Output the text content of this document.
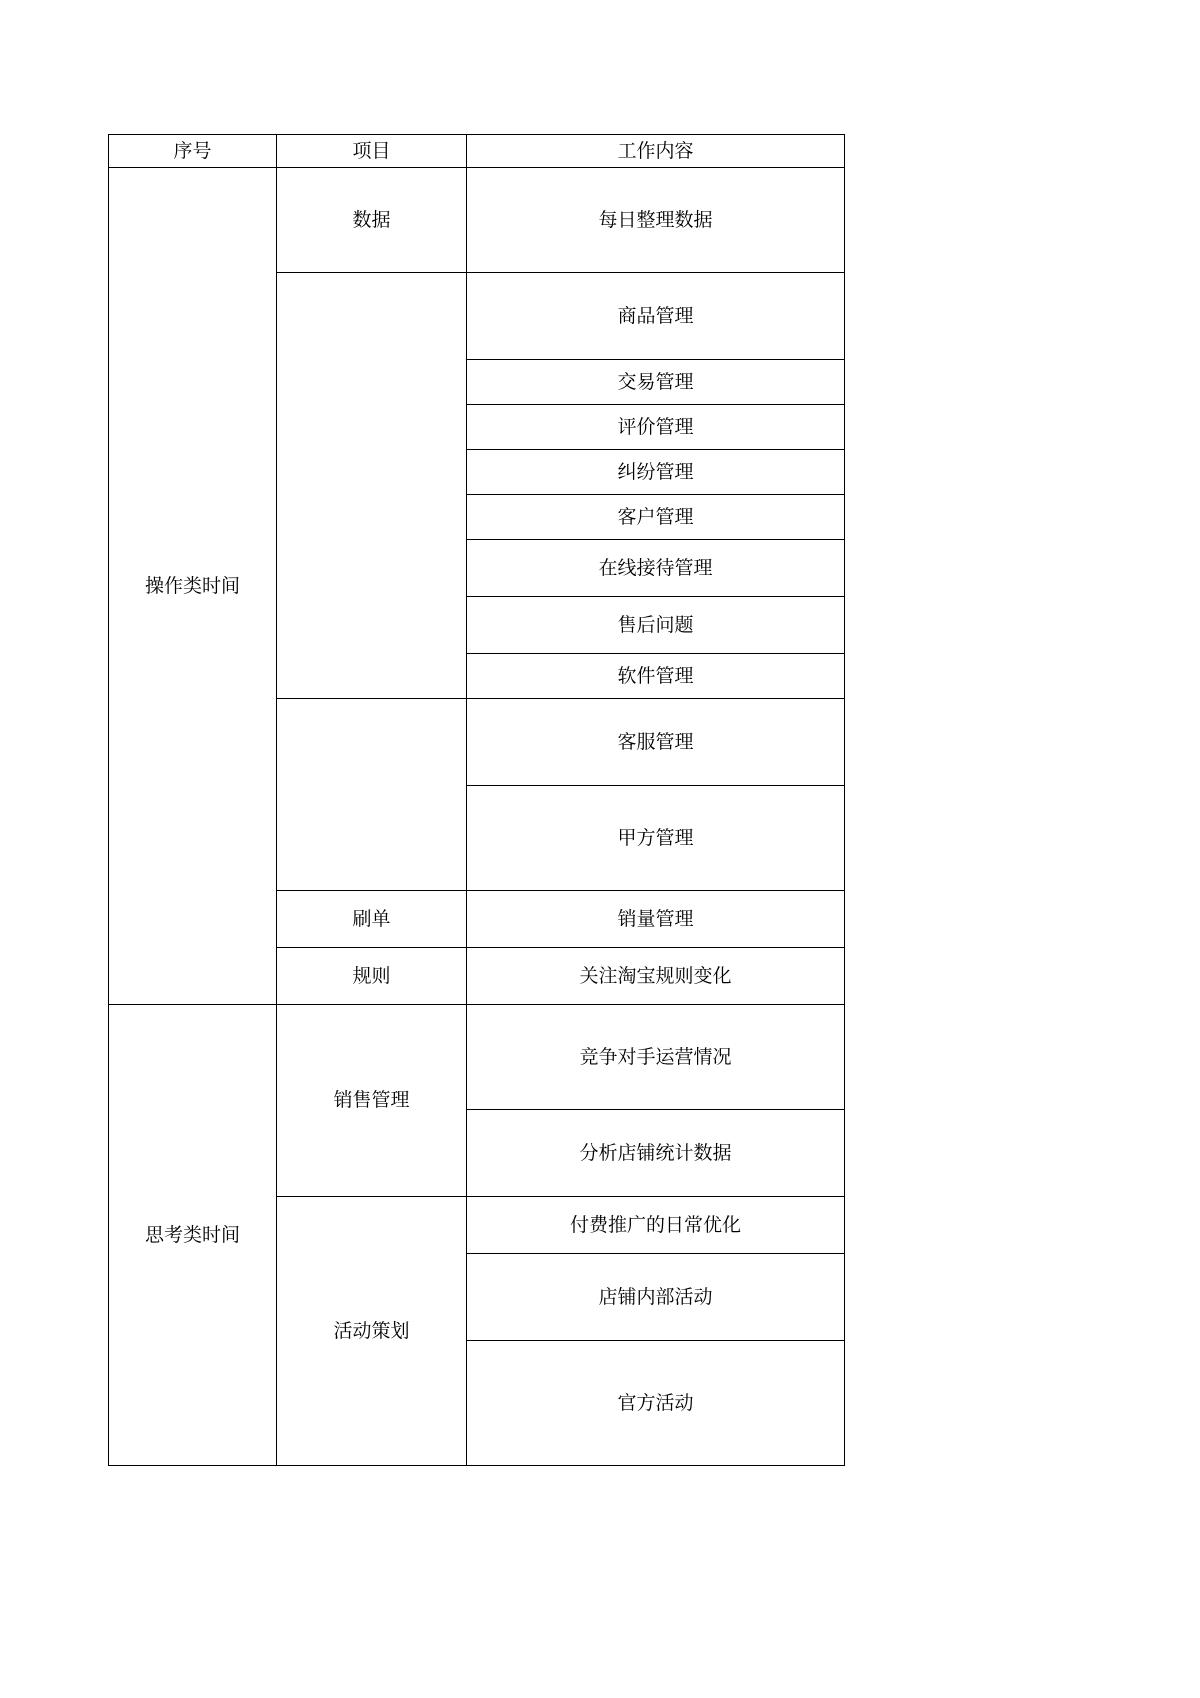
序号	项目	工作内容
操作类时间	数据	每日整理数据
		商品管理
		交易管理
		评价管理
		纠纷管理
		客户管理
		在线接待管理
		售后问题
		软件管理
		客服管理
		甲方管理
	刷单	销量管理
	规则	关注淘宝规则变化
思考类时间	销售管理	竞争对手运营情况
		分析店铺统计数据
	活动策划	付费推广的日常优化
		店铺内部活动
		官方活动
